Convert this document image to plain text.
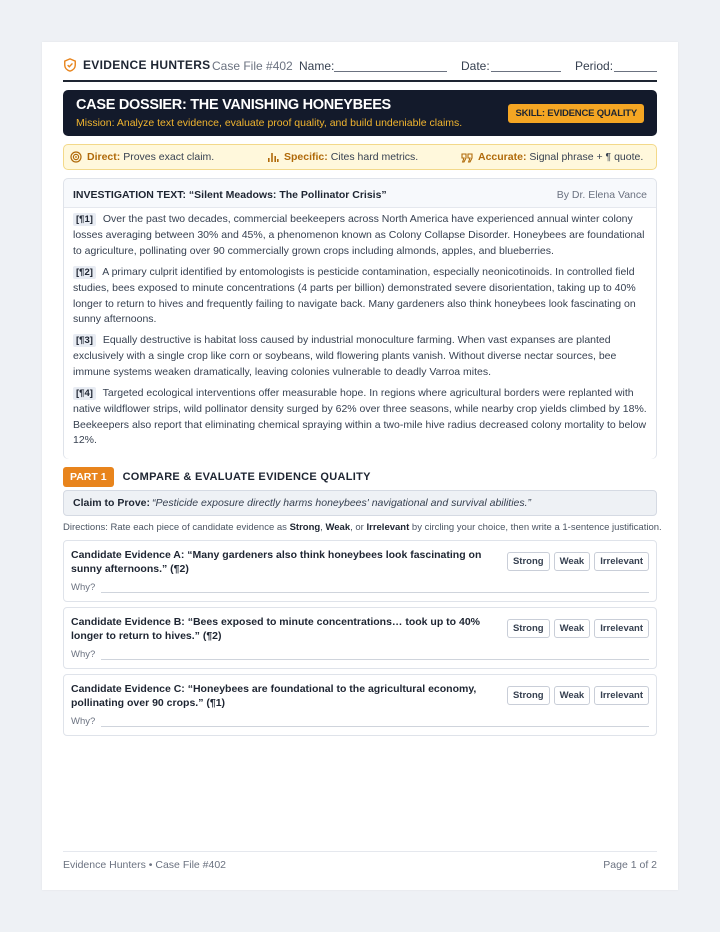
EVIDENCE HUNTERS Case File #402 Name:	Date:	Period:
CASE DOSSIER: THE VANISHING HONEYBEES
Mission: Analyze text evidence, evaluate proof quality, and build undeniable claims.
SKILL: EVIDENCE QUALITY
Direct: Proves exact claim.	Specific: Cites hard metrics.	Accurate: Signal phrase + ¶ quote.
INVESTIGATION TEXT: “Silent Meadows: The Pollinator Crisis”	By Dr. Elena Vance
[¶1] Over the past two decades, commercial beekeepers across North America have experienced annual winter colony losses averaging between 30% and 45%, a phenomenon known as Colony Collapse Disorder. Honeybees are foundational to agriculture, pollinating over 90 commercially grown crops including almonds, apples, and blueberries.
[¶2] A primary culprit identified by entomologists is pesticide contamination, especially neonicotinoids. In controlled field studies, bees exposed to minute concentrations (4 parts per billion) demonstrated severe disorientation, taking up to 40% longer to return to hives and frequently failing to navigate back. Many gardeners also think honeybees look fascinating on sunny afternoons.
[¶3] Equally destructive is habitat loss caused by industrial monoculture farming. When vast expanses are planted exclusively with a single crop like corn or soybeans, wild flowering plants vanish. Without diverse nectar sources, bee immune systems weaken dramatically, leaving colonies vulnerable to deadly Varroa mites.
[¶4] Targeted ecological interventions offer measurable hope. In regions where agricultural borders were replanted with native wildflower strips, wild pollinator density surged by 62% over three seasons, while nearby crop yields climbed by 18%. Beekeepers also report that eliminating chemical spraying within a two-mile hive radius decreased colony mortality to below 12%.
PART 1	COMPARE & EVALUATE EVIDENCE QUALITY
Claim to Prove: “Pesticide exposure directly harms honeybees' navigational and survival abilities.”
Directions: Rate each piece of candidate evidence as Strong, Weak, or Irrelevant by circling your choice, then write a 1-sentence justification.
Candidate Evidence A: “Many gardeners also think honeybees look fascinating on sunny afternoons.” (¶2)
Strong	Weak	Irrelevant
Why?
Candidate Evidence B: “Bees exposed to minute concentrations… took up to 40% longer to return to hives.” (¶2)
Strong	Weak	Irrelevant
Why?
Candidate Evidence C: “Honeybees are foundational to the agricultural economy, pollinating over 90 crops.” (¶1)
Strong	Weak	Irrelevant
Why?
Evidence Hunters • Case File #402	Page 1 of 2
